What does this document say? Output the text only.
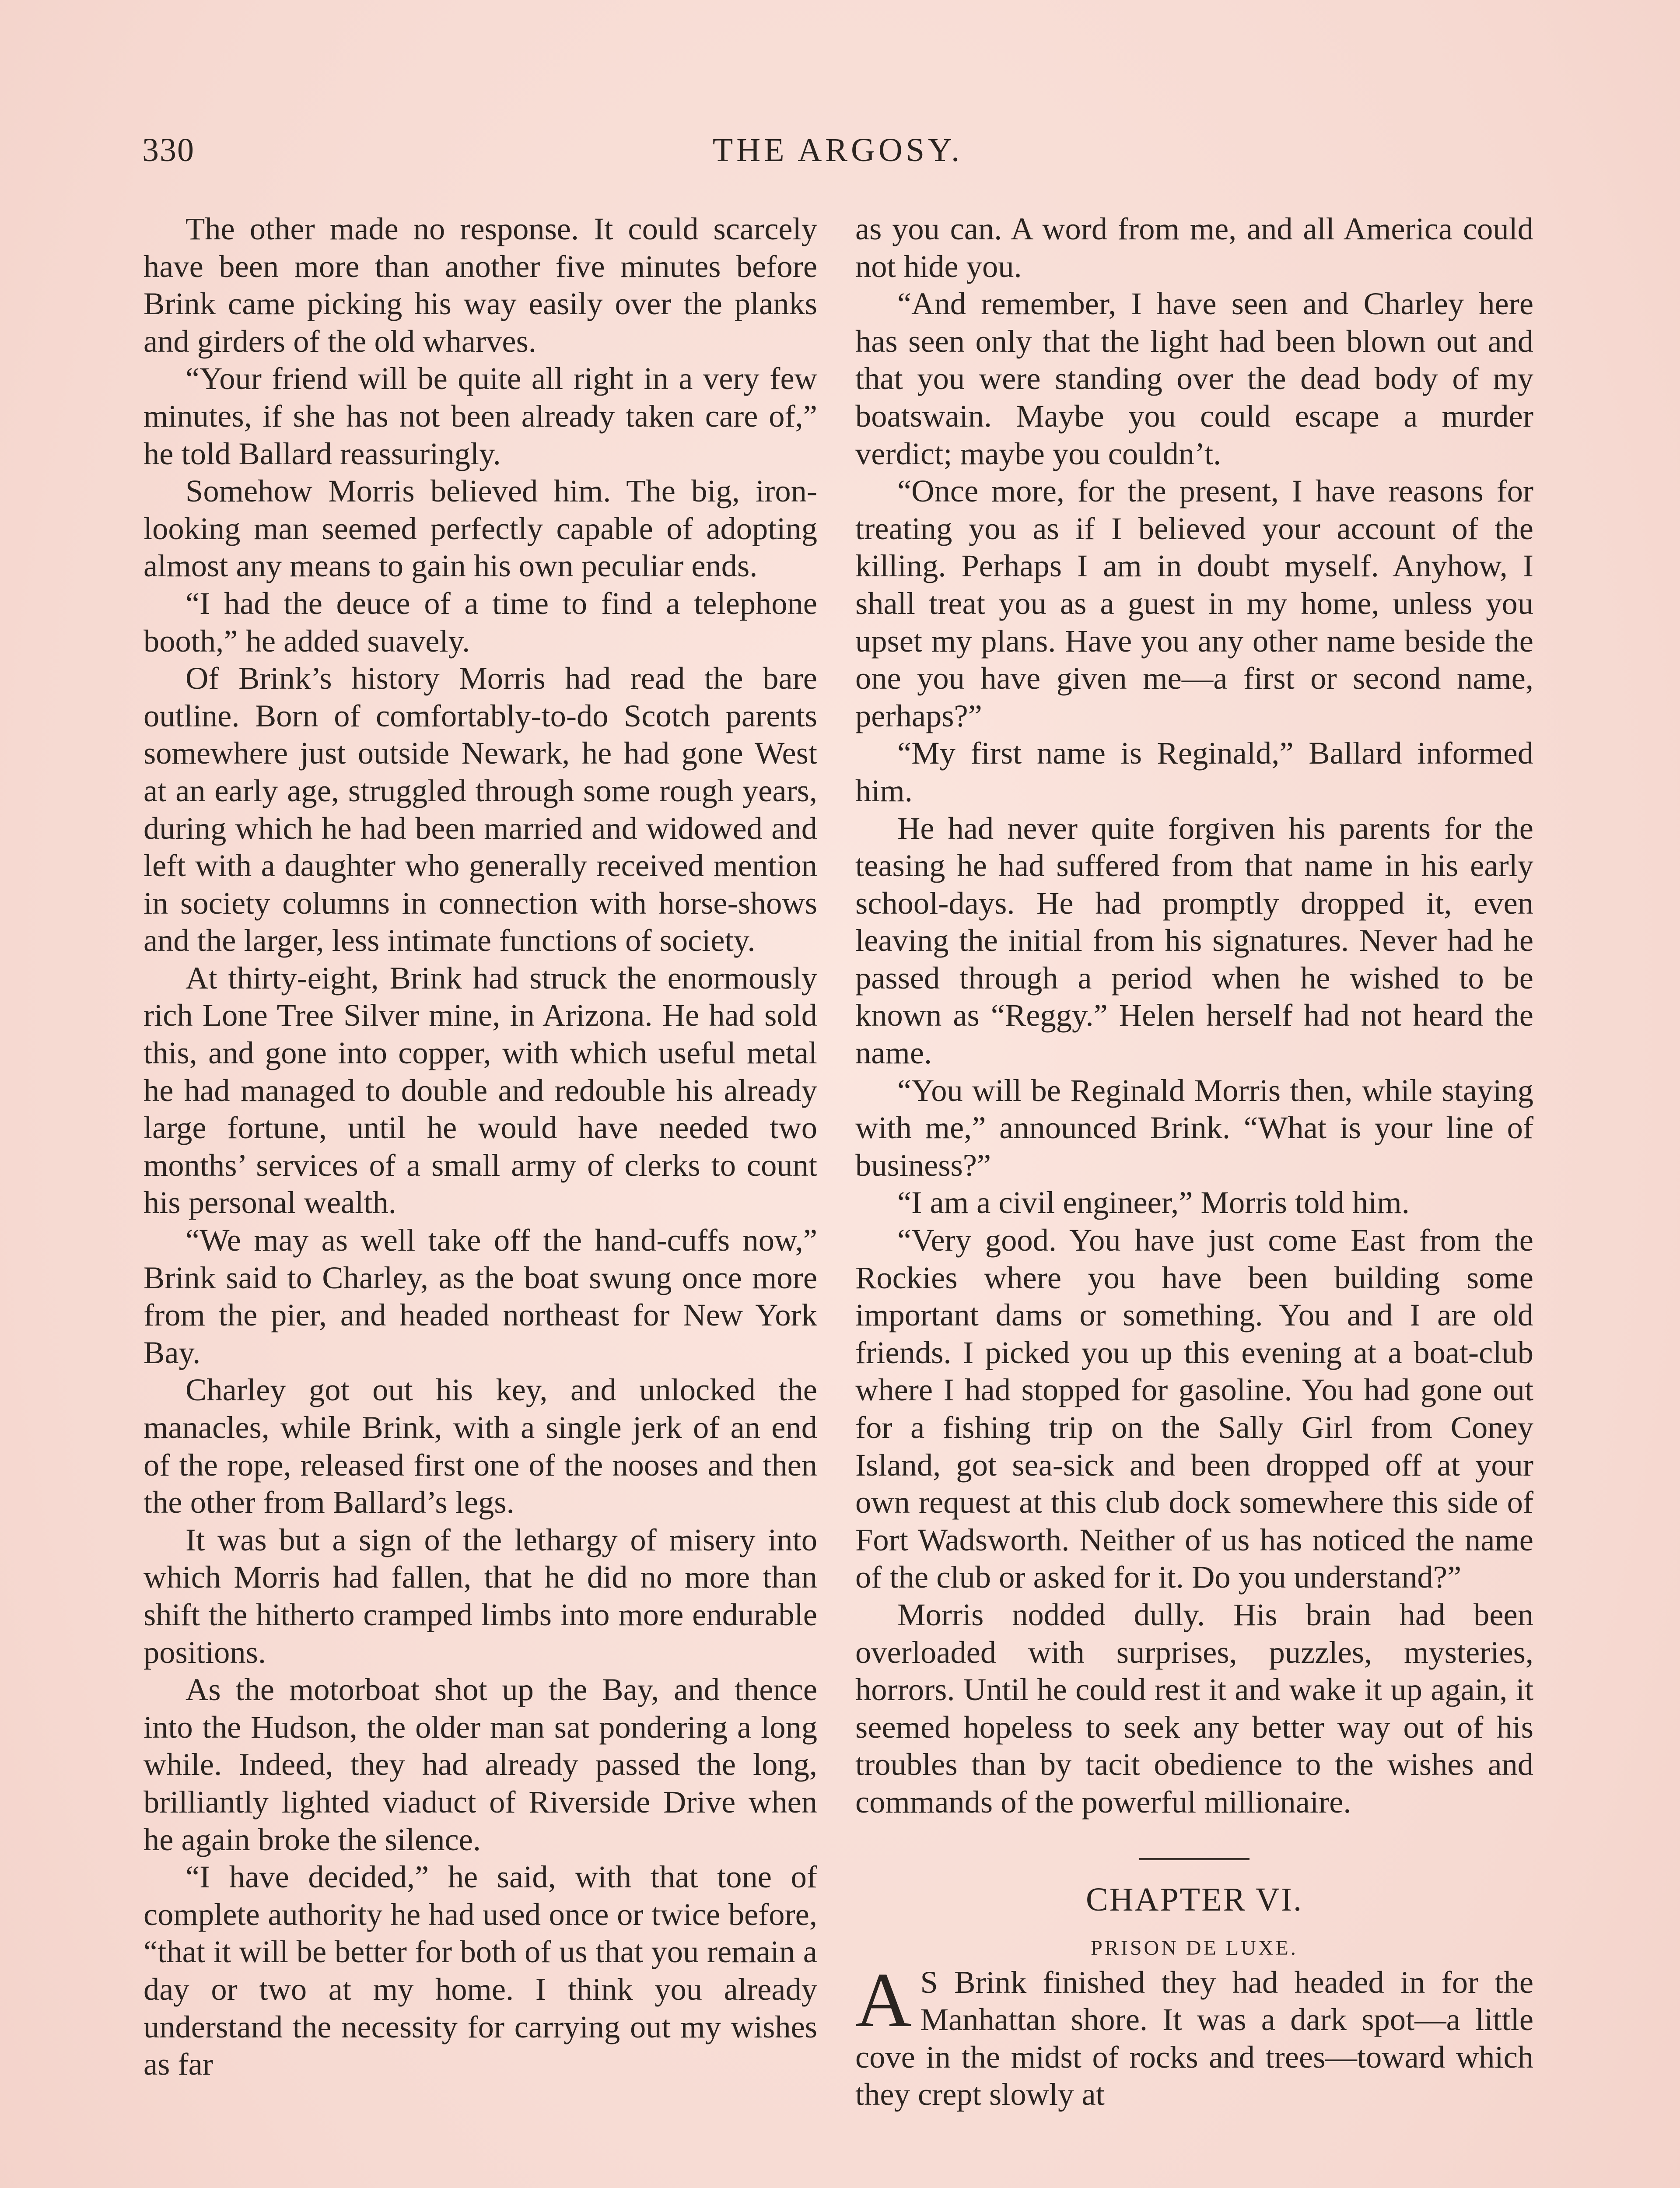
330	THE ARGOSY.

The other made no response. It could scarcely have been more than another five minutes before Brink came picking his way easily over the planks and girders of the old wharves.

“Your friend will be quite all right in a very few minutes, if she has not been already taken care of,” he told Ballard reassuringly.

Somehow Morris believed him. The big, iron-looking man seemed perfectly capable of adopting almost any means to gain his own peculiar ends.

“I had the deuce of a time to find a telephone booth,” he added suavely.

Of Brink’s history Morris had read the bare outline. Born of comfortably-to-do Scotch parents somewhere just outside Newark, he had gone West at an early age, struggled through some rough years, during which he had been married and widowed and left with a daughter who generally received mention in society columns in connection with horse-shows and the larger, less intimate functions of society.

At thirty-eight, Brink had struck the enormously rich Lone Tree Silver mine, in Arizona. He had sold this, and gone into copper, with which useful metal he had managed to double and redouble his already large fortune, until he would have needed two months’ services of a small army of clerks to count his personal wealth.

“We may as well take off the hand-cuffs now,” Brink said to Charley, as the boat swung once more from the pier, and headed northeast for New York Bay.

Charley got out his key, and unlocked the manacles, while Brink, with a single jerk of an end of the rope, released first one of the nooses and then the other from Ballard’s legs.

It was but a sign of the lethargy of misery into which Morris had fallen, that he did no more than shift the hitherto cramped limbs into more endurable positions.

As the motorboat shot up the Bay, and thence into the Hudson, the older man sat pondering a long while. Indeed, they had already passed the long, brilliantly lighted viaduct of Riverside Drive when he again broke the silence.

“I have decided,” he said, with that tone of complete authority he had used once or twice before, “that it will be better for both of us that you remain a day or two at my home. I think you already understand the necessity for carrying out my wishes as far

as you can. A word from me, and all America could not hide you.

“And remember, I have seen and Charley here has seen only that the light had been blown out and that you were standing over the dead body of my boatswain. Maybe you could escape a murder verdict; maybe you couldn’t.

“Once more, for the present, I have reasons for treating you as if I believed your account of the killing. Perhaps I am in doubt myself. Anyhow, I shall treat you as a guest in my home, unless you upset my plans. Have you any other name beside the one you have given me—a first or second name, perhaps?”

“My first name is Reginald,” Ballard informed him.

He had never quite forgiven his parents for the teasing he had suffered from that name in his early school-days. He had promptly dropped it, even leaving the initial from his signatures. Never had he passed through a period when he wished to be known as “Reggy.” Helen herself had not heard the name.

“You will be Reginald Morris then, while staying with me,” announced Brink. “What is your line of business?”

“I am a civil engineer,” Morris told him.

“Very good. You have just come East from the Rockies where you have been building some important dams or something. You and I are old friends. I picked you up this evening at a boat-club where I had stopped for gasoline. You had gone out for a fishing trip on the Sally Girl from Coney Island, got sea-sick and been dropped off at your own request at this club dock somewhere this side of Fort Wadsworth. Neither of us has noticed the name of the club or asked for it. Do you understand?”

Morris nodded dully. His brain had been overloaded with surprises, puzzles, mysteries, horrors. Until he could rest it and wake it up again, it seemed hopeless to seek any better way out of his troubles than by tacit obedience to the wishes and commands of the powerful millionaire.

CHAPTER VI.
PRISON DE LUXE.

A S Brink finished they had headed in for the Manhattan shore. It was a dark spot—a little cove in the midst of rocks and trees—toward which they crept slowly at
